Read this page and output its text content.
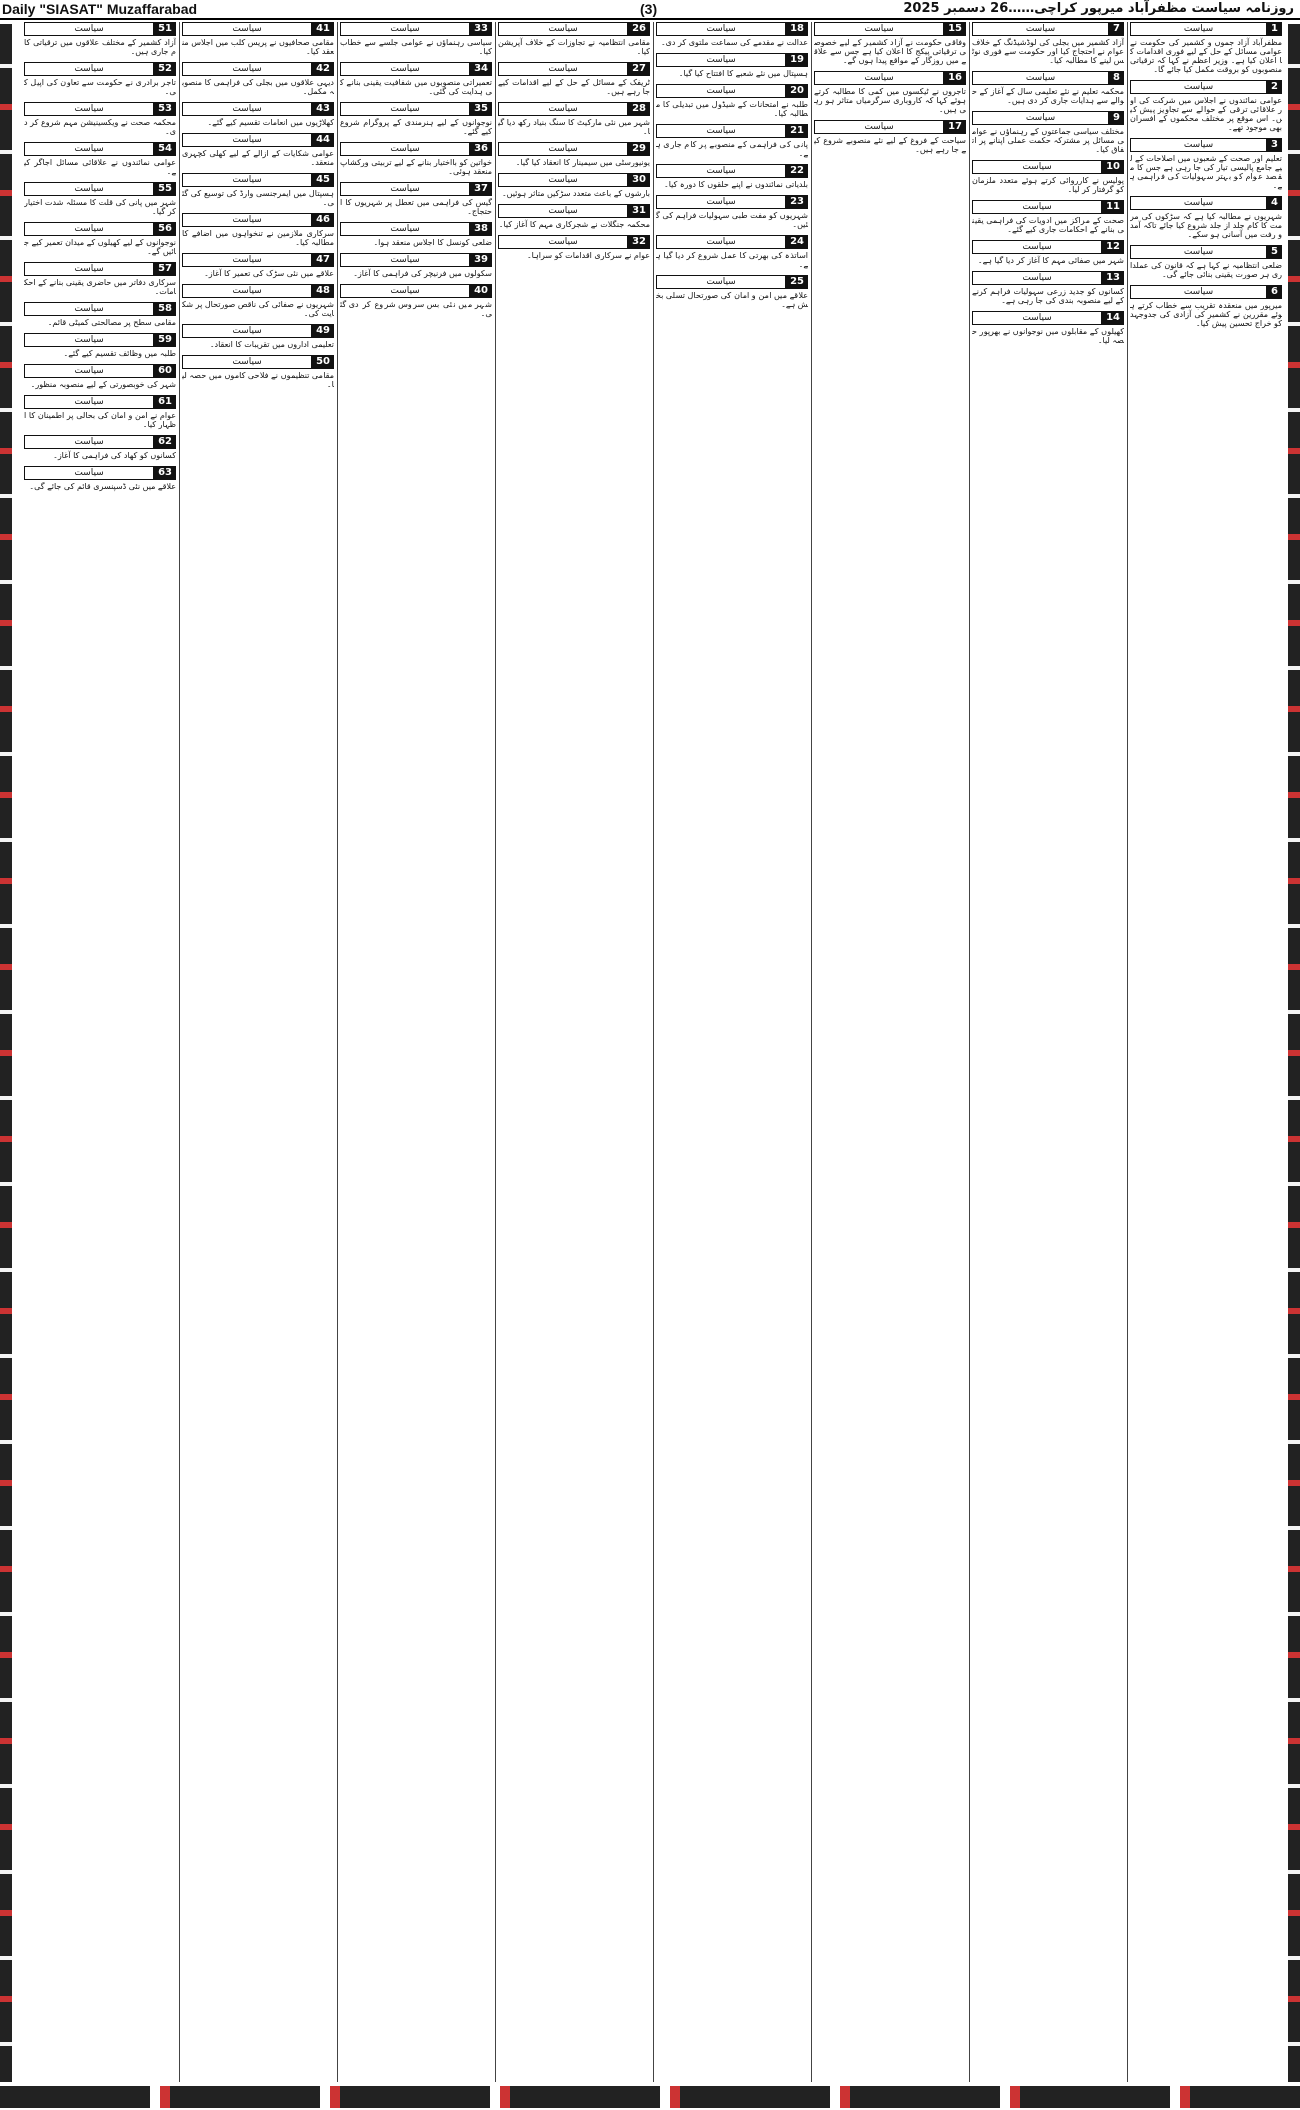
Daily "SIASAT" Muzaffarabad	(3)	روزنامہ سیاست مظفرآباد میرپور کراچی……26 دسمبر 2025
1
سیاست
مظفرآباد آزاد جموں و کشمیر کی حکومت نے عوامی مسائل کے حل کے لیے فوری اقدامات کا اعلان کیا ہے۔ وزیر اعظم نے کہا کہ ترقیاتی منصوبوں کو بروقت مکمل کیا جائے گا۔
2
سیاست
عوامی نمائندوں نے اجلاس میں شرکت کی اور علاقائی ترقی کے حوالے سے تجاویز پیش کیں۔ اس موقع پر مختلف محکموں کے افسران بھی موجود تھے۔
3
سیاست
تعلیم اور صحت کے شعبوں میں اصلاحات کے لیے جامع پالیسی تیار کی جا رہی ہے جس کا مقصد عوام کو بہتر سہولیات کی فراہمی ہے۔
4
سیاست
شہریوں نے مطالبہ کیا ہے کہ سڑکوں کی مرمت کا کام جلد از جلد شروع کیا جائے تاکہ آمد و رفت میں آسانی ہو سکے۔
5
سیاست
ضلعی انتظامیہ نے کہا ہے کہ قانون کی عملداری ہر صورت یقینی بنائی جائے گی۔
6
سیاست
میرپور میں منعقدہ تقریب سے خطاب کرتے ہوئے مقررین نے کشمیر کی آزادی کی جدوجہد کو خراج تحسین پیش کیا۔
7
سیاست
آزاد کشمیر میں بجلی کی لوڈشیڈنگ کے خلاف عوام نے احتجاج کیا اور حکومت سے فوری نوٹس لینے کا مطالبہ کیا۔
8
سیاست
محکمہ تعلیم نے نئے تعلیمی سال کے آغاز کے حوالے سے ہدایات جاری کر دی ہیں۔
9
سیاست
مختلف سیاسی جماعتوں کے رہنماؤں نے عوامی مسائل پر مشترکہ حکمت عملی اپنانے پر اتفاق کیا۔
10
سیاست
پولیس نے کارروائی کرتے ہوئے متعدد ملزمان کو گرفتار کر لیا۔
11
سیاست
صحت کے مراکز میں ادویات کی فراہمی یقینی بنانے کے احکامات جاری کیے گئے۔
12
سیاست
شہر میں صفائی مہم کا آغاز کر دیا گیا ہے۔
13
سیاست
کسانوں کو جدید زرعی سہولیات فراہم کرنے کے لیے منصوبہ بندی کی جا رہی ہے۔
14
سیاست
کھیلوں کے مقابلوں میں نوجوانوں نے بھرپور حصہ لیا۔
15
سیاست
وفاقی حکومت نے آزاد کشمیر کے لیے خصوصی ترقیاتی پیکج کا اعلان کیا ہے جس سے علاقے میں روزگار کے مواقع پیدا ہوں گے۔
16
سیاست
تاجروں نے ٹیکسوں میں کمی کا مطالبہ کرتے ہوئے کہا کہ کاروباری سرگرمیاں متاثر ہو رہی ہیں۔
17
سیاست
سیاحت کے فروغ کے لیے نئے منصوبے شروع کیے جا رہے ہیں۔
18
سیاست
عدالت نے مقدمے کی سماعت ملتوی کر دی۔
19
سیاست
ہسپتال میں نئے شعبے کا افتتاح کیا گیا۔
20
سیاست
طلبہ نے امتحانات کے شیڈول میں تبدیلی کا مطالبہ کیا۔
21
سیاست
پانی کی فراہمی کے منصوبے پر کام جاری ہے۔
22
سیاست
بلدیاتی نمائندوں نے اپنے حلقوں کا دورہ کیا۔
23
سیاست
شہریوں کو مفت طبی سہولیات فراہم کی گئیں۔
24
سیاست
اساتذہ کی بھرتی کا عمل شروع کر دیا گیا ہے۔
25
سیاست
علاقے میں امن و امان کی صورتحال تسلی بخش ہے۔
26
سیاست
مقامی انتظامیہ نے تجاوزات کے خلاف آپریشن کیا۔
27
سیاست
ٹریفک کے مسائل کے حل کے لیے اقدامات کیے جا رہے ہیں۔
28
سیاست
شہر میں نئی مارکیٹ کا سنگ بنیاد رکھ دیا گیا۔
29
سیاست
یونیورسٹی میں سیمینار کا انعقاد کیا گیا۔
30
سیاست
بارشوں کے باعث متعدد سڑکیں متاثر ہوئیں۔
31
سیاست
محکمہ جنگلات نے شجرکاری مہم کا آغاز کیا۔
32
سیاست
عوام نے سرکاری اقدامات کو سراہا۔
33
سیاست
سیاسی رہنماؤں نے عوامی جلسے سے خطاب کیا۔
34
سیاست
تعمیراتی منصوبوں میں شفافیت یقینی بنانے کی ہدایت کی گئی۔
35
سیاست
نوجوانوں کے لیے ہنرمندی کے پروگرام شروع کیے گئے۔
36
سیاست
خواتین کو بااختیار بنانے کے لیے تربیتی ورکشاپ منعقد ہوئی۔
37
سیاست
گیس کی فراہمی میں تعطل پر شہریوں کا احتجاج۔
38
سیاست
ضلعی کونسل کا اجلاس منعقد ہوا۔
39
سیاست
سکولوں میں فرنیچر کی فراہمی کا آغاز۔
40
سیاست
شہر میں نئی بس سروس شروع کر دی گئی۔
41
سیاست
مقامی صحافیوں نے پریس کلب میں اجلاس منعقد کیا۔
42
سیاست
دیہی علاقوں میں بجلی کی فراہمی کا منصوبہ مکمل۔
43
سیاست
کھلاڑیوں میں انعامات تقسیم کیے گئے۔
44
سیاست
عوامی شکایات کے ازالے کے لیے کھلی کچہری منعقد۔
45
سیاست
ہسپتال میں ایمرجنسی وارڈ کی توسیع کی گئی۔
46
سیاست
سرکاری ملازمین نے تنخواہوں میں اضافے کا مطالبہ کیا۔
47
سیاست
علاقے میں نئی سڑک کی تعمیر کا آغاز۔
48
سیاست
شہریوں نے صفائی کی ناقص صورتحال پر شکایت کی۔
49
سیاست
تعلیمی اداروں میں تقریبات کا انعقاد۔
50
سیاست
مقامی تنظیموں نے فلاحی کاموں میں حصہ لیا۔
51
سیاست
آزاد کشمیر کے مختلف علاقوں میں ترقیاتی کام جاری ہیں۔
52
سیاست
تاجر برادری نے حکومت سے تعاون کی اپیل کی۔
53
سیاست
محکمہ صحت نے ویکسینیشن مہم شروع کر دی۔
54
سیاست
عوامی نمائندوں نے علاقائی مسائل اجاگر کیے۔
55
سیاست
شہر میں پانی کی قلت کا مسئلہ شدت اختیار کر گیا۔
56
سیاست
نوجوانوں کے لیے کھیلوں کے میدان تعمیر کیے جائیں گے۔
57
سیاست
سرکاری دفاتر میں حاضری یقینی بنانے کے احکامات۔
58
سیاست
مقامی سطح پر مصالحتی کمیٹی قائم۔
59
سیاست
طلبہ میں وظائف تقسیم کیے گئے۔
60
سیاست
شہر کی خوبصورتی کے لیے منصوبہ منظور۔
61
سیاست
عوام نے امن و امان کی بحالی پر اطمینان کا اظہار کیا۔
62
سیاست
کسانوں کو کھاد کی فراہمی کا آغاز۔
63
سیاست
علاقے میں نئی ڈسپنسری قائم کی جائے گی۔
